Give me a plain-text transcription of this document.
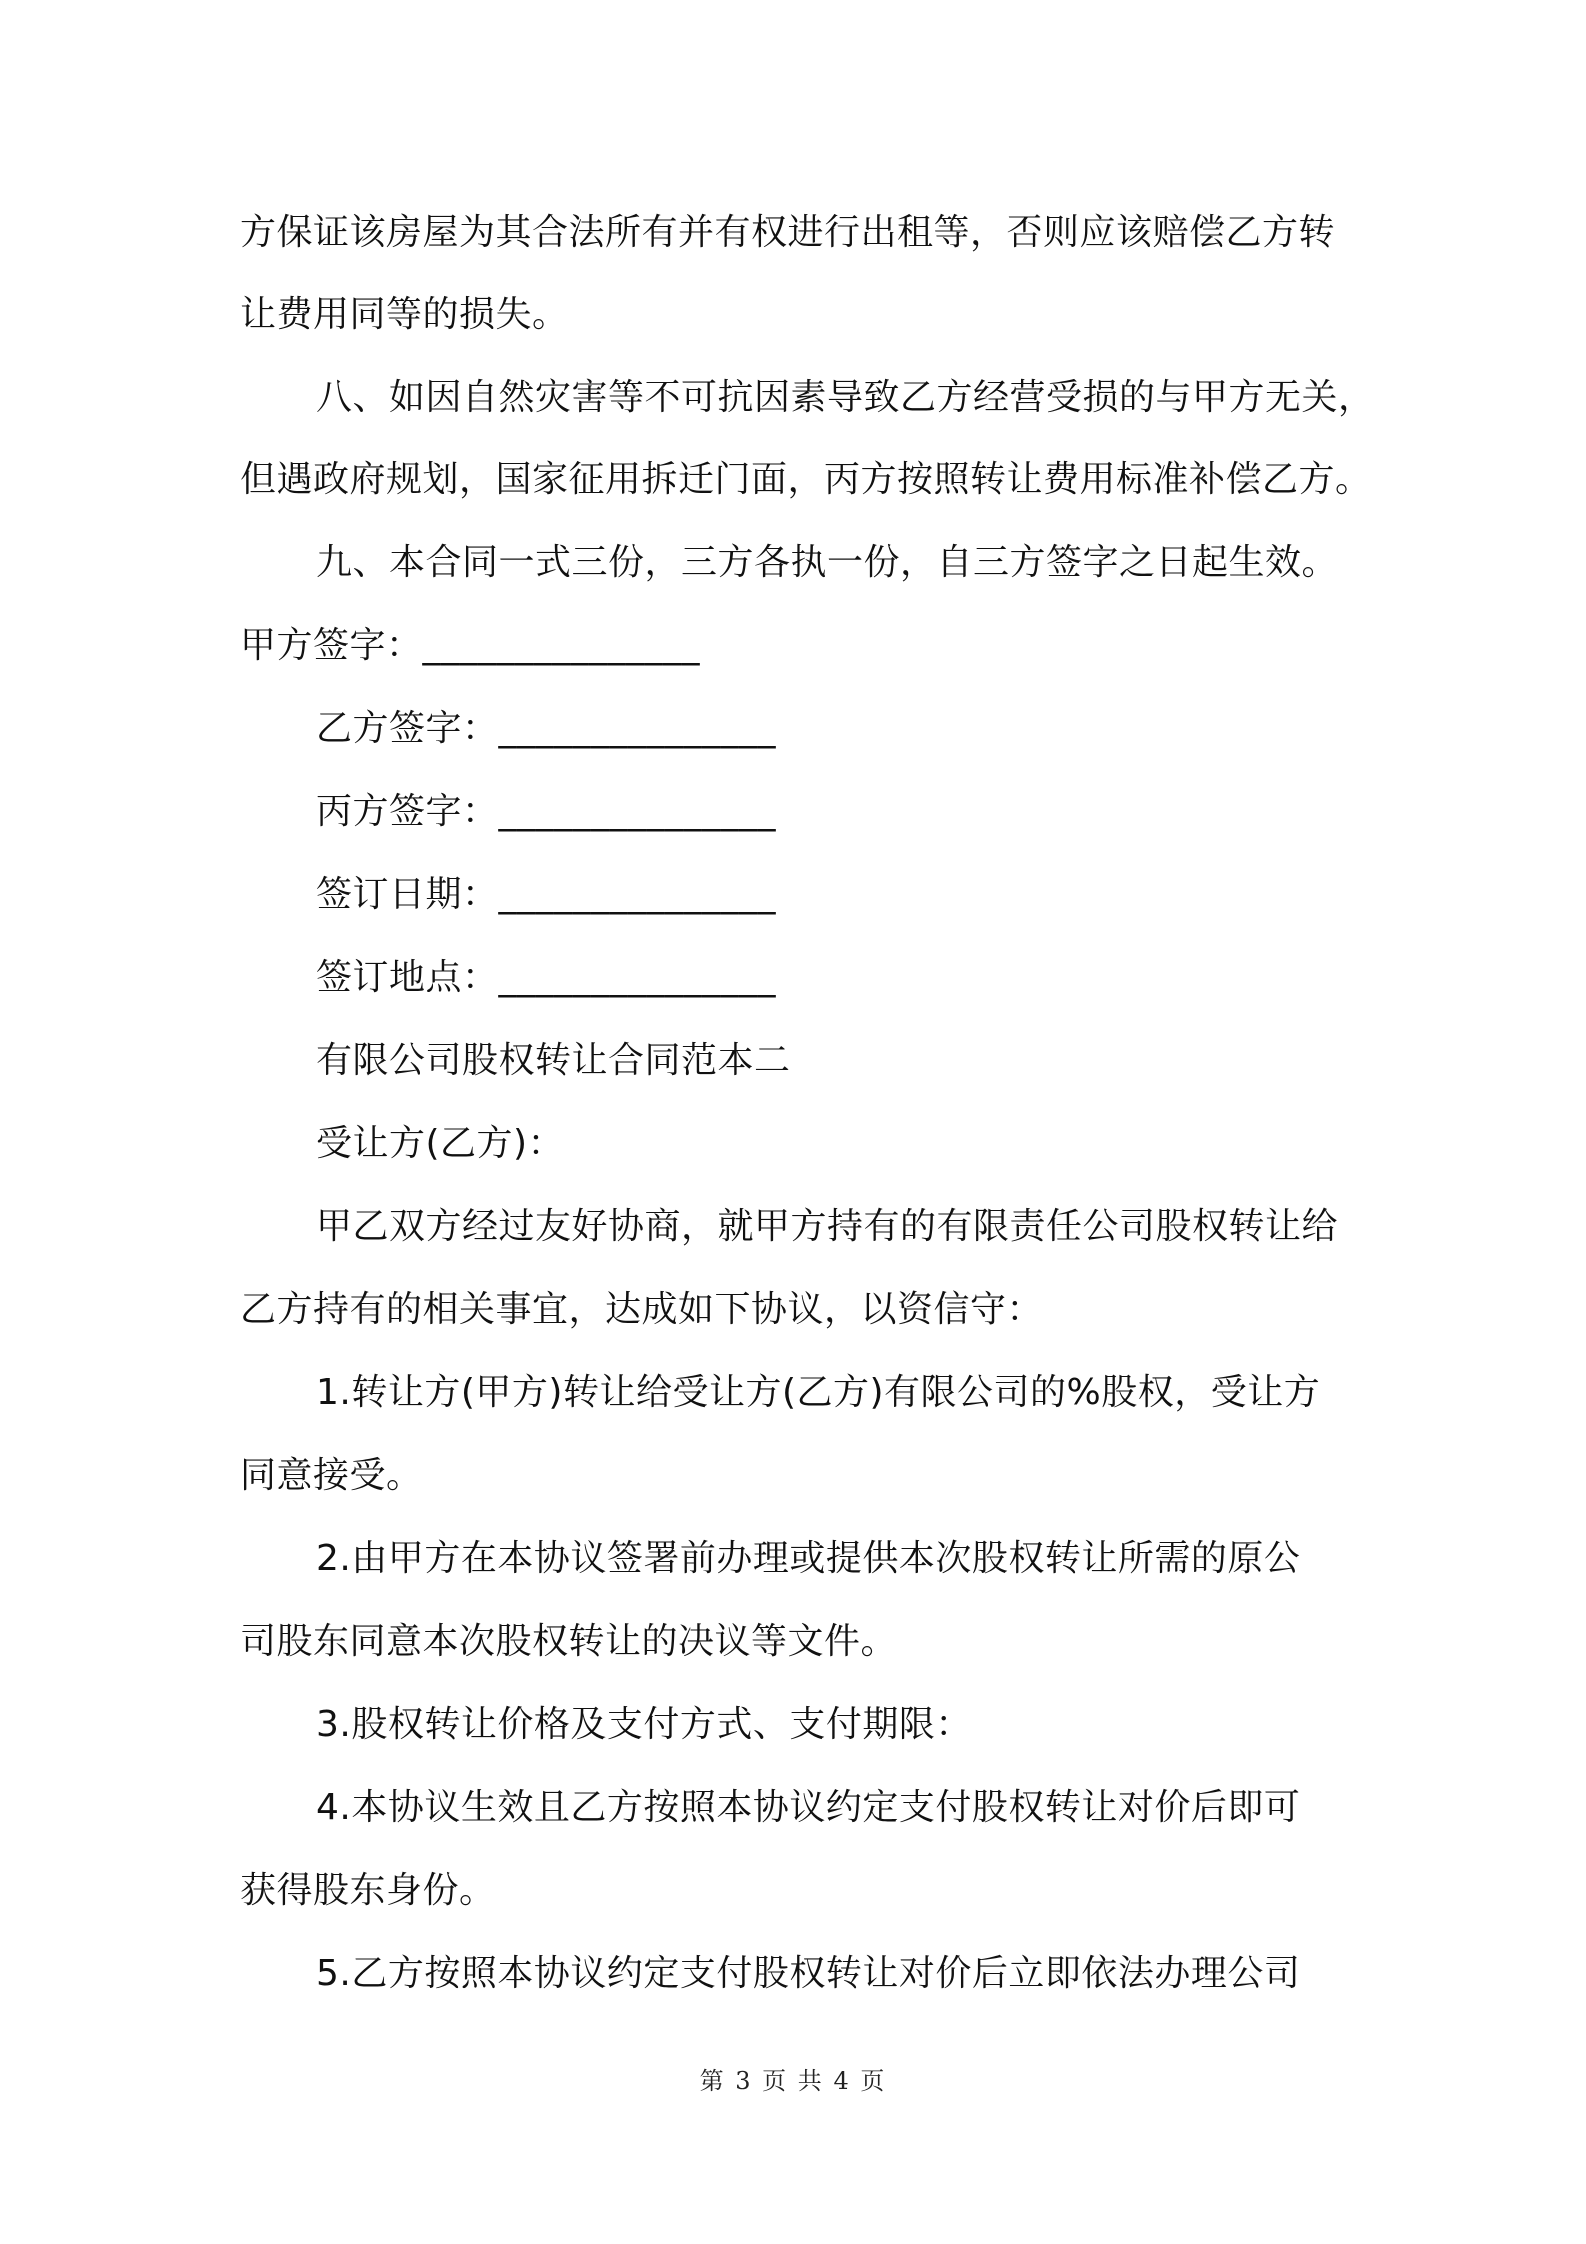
方保证该房屋为其合法所有并有权进行出租等，否则应该赔偿乙方转
让费用同等的损失。
八、如因自然灾害等不可抗因素导致乙方经营受损的与甲方无关，
但遇政府规划，国家征用拆迁门面，丙方按照转让费用标准补偿乙方。
九、本合同一式三份，三方各执一份，自三方签字之日起生效。
甲方签字：_______________
乙方签字：_______________
丙方签字：_______________
签订日期：_______________
签订地点：_______________
有限公司股权转让合同范本二
受让方(乙方)：
甲乙双方经过友好协商，就甲方持有的有限责任公司股权转让给
乙方持有的相关事宜，达成如下协议，以资信守：
1.转让方(甲方)转让给受让方(乙方)有限公司的%股权，受让方
同意接受。
2.由甲方在本协议签署前办理或提供本次股权转让所需的原公
司股东同意本次股权转让的决议等文件。
3.股权转让价格及支付方式、支付期限：
4.本协议生效且乙方按照本协议约定支付股权转让对价后即可
获得股东身份。
5.乙方按照本协议约定支付股权转让对价后立即依法办理公司
第 3 页 共 4 页
